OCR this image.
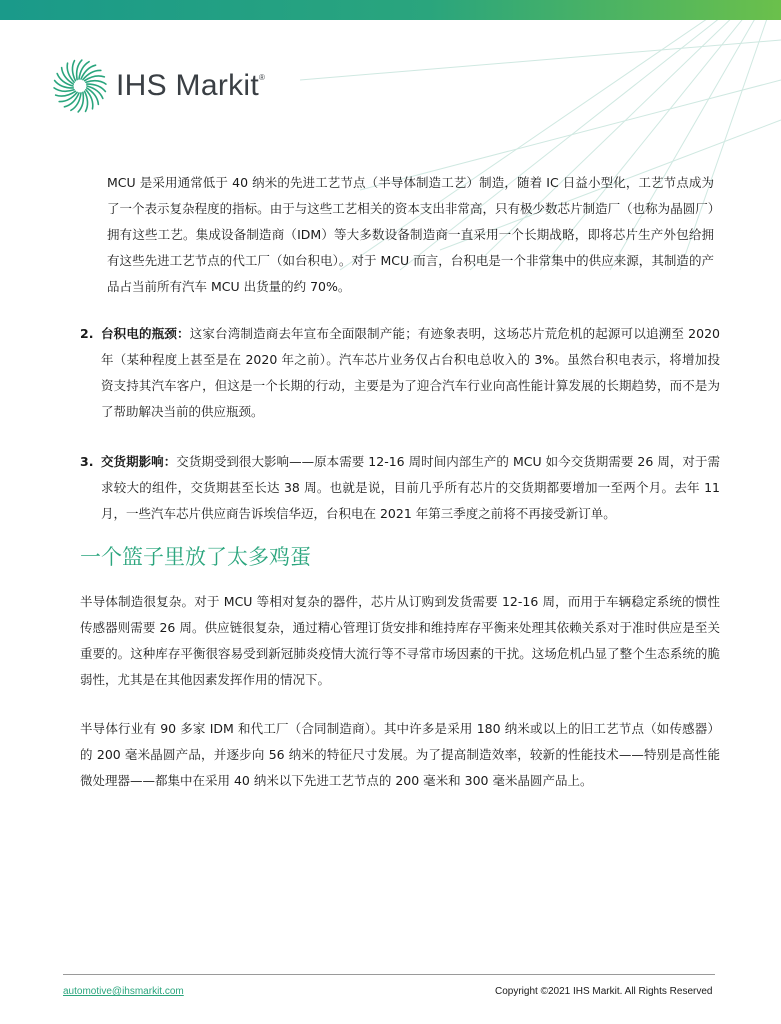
IHS Markit®

MCU 是采用通常低于 40 纳米的先进工艺节点（半导体制造工艺）制造，随着 IC 日益小型化，工艺节点成为了一个表示复杂程度的指标。由于与这些工艺相关的资本支出非常高，只有极少数芯片制造厂（也称为晶圆厂）拥有这些工艺。集成设备制造商（IDM）等大多数设备制造商一直采用一个长期战略，即将芯片生产外包给拥有这些先进工艺节点的代工厂（如台积电）。对于 MCU 而言，台积电是一个非常集中的供应来源，其制造的产品占当前所有汽车 MCU 出货量的约 70%。

2. 台积电的瓶颈：这家台湾制造商去年宣布全面限制产能；有迹象表明，这场芯片荒危机的起源可以追溯至 2020 年（某种程度上甚至是在 2020 年之前）。汽车芯片业务仅占台积电总收入的 3%。虽然台积电表示，将增加投资支持其汽车客户，但这是一个长期的行动，主要是为了迎合汽车行业向高性能计算发展的长期趋势，而不是为了帮助解决当前的供应瓶颈。
3. 交货期影响：交货期受到很大影响——原本需要 12-16 周时间内部生产的 MCU 如今交货期需要 26 周，对于需求较大的组件，交货期甚至长达 38 周。也就是说，目前几乎所有芯片的交货期都要增加一至两个月。去年 11 月，一些汽车芯片供应商告诉埃信华迈，台积电在 2021 年第三季度之前将不再接受新订单。
一个篮子里放了太多鸡蛋

半导体制造很复杂。对于 MCU 等相对复杂的器件，芯片从订购到发货需要 12-16 周，而用于车辆稳定系统的惯性传感器则需要 26 周。供应链很复杂，通过精心管理订货安排和维持库存平衡来处理其依赖关系对于准时供应是至关重要的。这种库存平衡很容易受到新冠肺炎疫情大流行等不寻常市场因素的干扰。这场危机凸显了整个生态系统的脆弱性，尤其是在其他因素发挥作用的情况下。

半导体行业有 90 多家 IDM 和代工厂（合同制造商）。其中许多是采用 180 纳米或以上的旧工艺节点（如传感器）的 200 毫米晶圆产品，并逐步向 56 纳米的特征尺寸发展。为了提高制造效率，较新的性能技术——特别是高性能微处理器——都集中在采用 40 纳米以下先进工艺节点的 200 毫米和 300 毫米晶圆产品上。

automotive@ihsmarkit.com	Copyright ©2021 IHS Markit. All Rights Reserved
